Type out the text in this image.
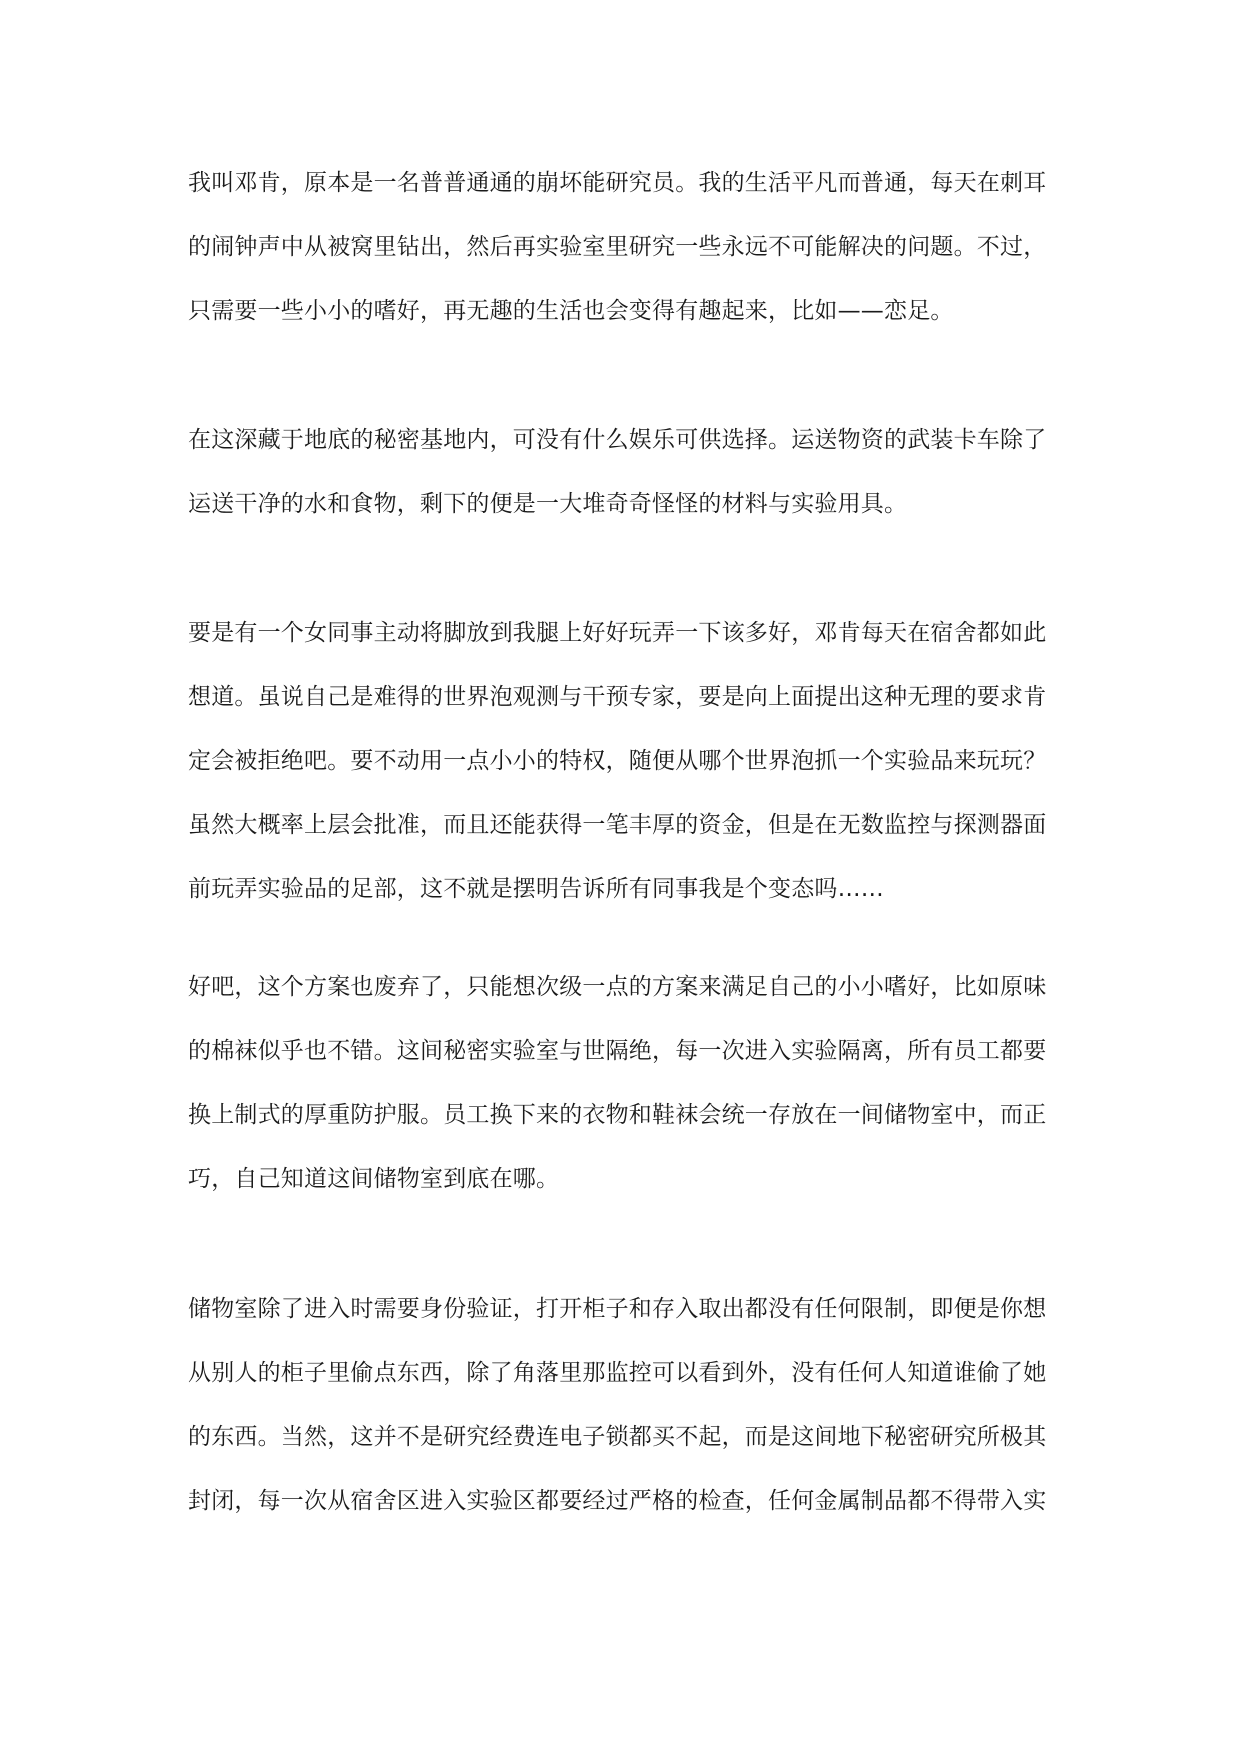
我叫邓肯，原本是一名普普通通的崩坏能研究员。我的生活平凡而普通，每天在刺耳
的闹钟声中从被窝里钻出，然后再实验室里研究一些永远不可能解决的问题。不过，
只需要一些小小的嗜好，再无趣的生活也会变得有趣起来，比如——恋足。
在这深藏于地底的秘密基地内，可没有什么娱乐可供选择。运送物资的武装卡车除了
运送干净的水和食物，剩下的便是一大堆奇奇怪怪的材料与实验用具。
要是有一个女同事主动将脚放到我腿上好好玩弄一下该多好，邓肯每天在宿舍都如此
想道。虽说自己是难得的世界泡观测与干预专家，要是向上面提出这种无理的要求肯
定会被拒绝吧。要不动用一点小小的特权，随便从哪个世界泡抓一个实验品来玩玩？
虽然大概率上层会批准，而且还能获得一笔丰厚的资金，但是在无数监控与探测器面
前玩弄实验品的足部，这不就是摆明告诉所有同事我是个变态吗……
好吧，这个方案也废弃了，只能想次级一点的方案来满足自己的小小嗜好，比如原味
的棉袜似乎也不错。这间秘密实验室与世隔绝，每一次进入实验隔离，所有员工都要
换上制式的厚重防护服。员工换下来的衣物和鞋袜会统一存放在一间储物室中，而正
巧，自己知道这间储物室到底在哪。
储物室除了进入时需要身份验证，打开柜子和存入取出都没有任何限制，即便是你想
从别人的柜子里偷点东西，除了角落里那监控可以看到外，没有任何人知道谁偷了她
的东西。当然，这并不是研究经费连电子锁都买不起，而是这间地下秘密研究所极其
封闭，每一次从宿舍区进入实验区都要经过严格的检查，任何金属制品都不得带入实
